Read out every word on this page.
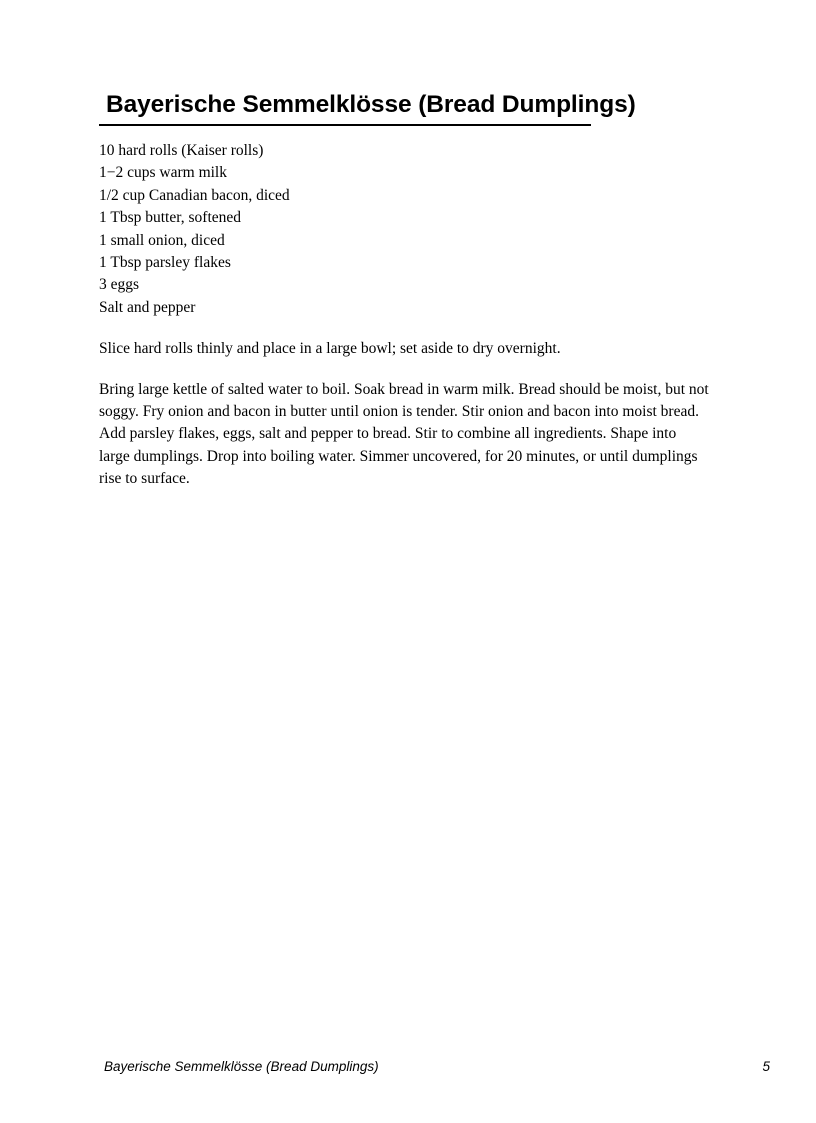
Bayerische Semmelklösse (Bread Dumplings)
10 hard rolls (Kaiser rolls)
1−2 cups warm milk
1/2 cup Canadian bacon, diced
1 Tbsp butter, softened
1 small onion, diced
1 Tbsp parsley flakes
3 eggs
Salt and pepper

Slice hard rolls thinly and place in a large bowl; set aside to dry overnight.

Bring large kettle of salted water to boil. Soak bread in warm milk. Bread should be moist, but not soggy. Fry onion and bacon in butter until onion is tender. Stir onion and bacon into moist bread. Add parsley flakes, eggs, salt and pepper to bread. Stir to combine all ingredients. Shape into large dumplings. Drop into boiling water. Simmer uncovered, for 20 minutes, or until dumplings rise to surface.

Bayerische Semmelklösse (Bread Dumplings)	5
